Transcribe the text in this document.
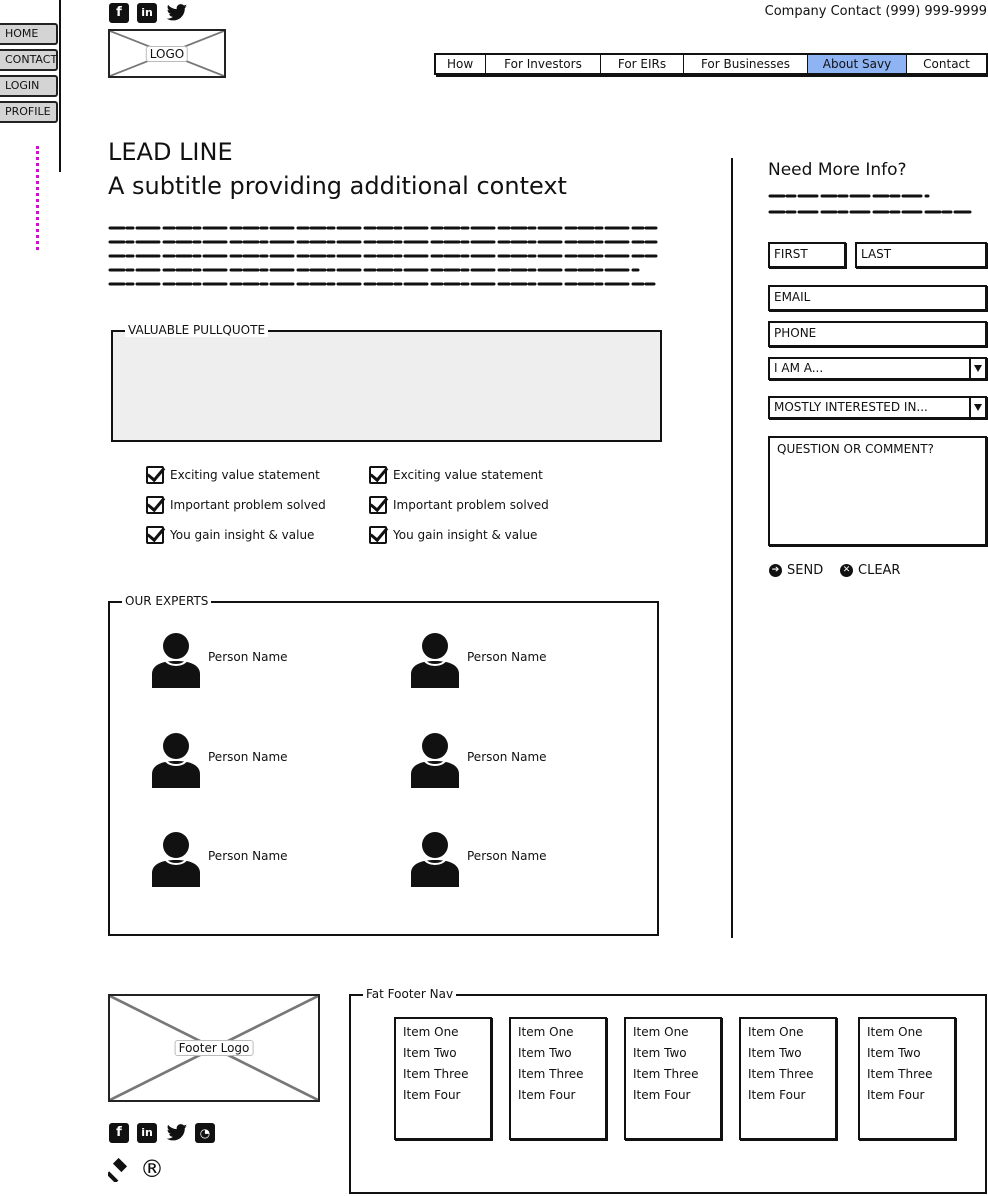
HOME
CONTACT
LOGIN
PROFILE
f	in
LOGO
Company Contact (999) 999-9999
How	For Investors	For EIRs	For Businesses	About Savy	Contact
LEAD LINE
A subtitle providing additional context
VALUABLE PULLQUOTE
Exciting value statement
Important problem solved
You gain insight & value
Exciting value statement
Important problem solved
You gain insight & value
OUR EXPERTS
Person Name	Person Name
Person Name	Person Name
Person Name	Person Name
Need More Info?
FIRST	LAST
EMAIL
PHONE
I AM A...
MOSTLY INTERESTED IN...
QUESTION OR COMMENT?
➔ SEND	✕ CLEAR
Footer Logo
f	in	◔
®
Fat Footer Nav
Item One
Item Two
Item Three
Item Four
Item One
Item Two
Item Three
Item Four
Item One
Item Two
Item Three
Item Four
Item One
Item Two
Item Three
Item Four
Item One
Item Two
Item Three
Item Four
